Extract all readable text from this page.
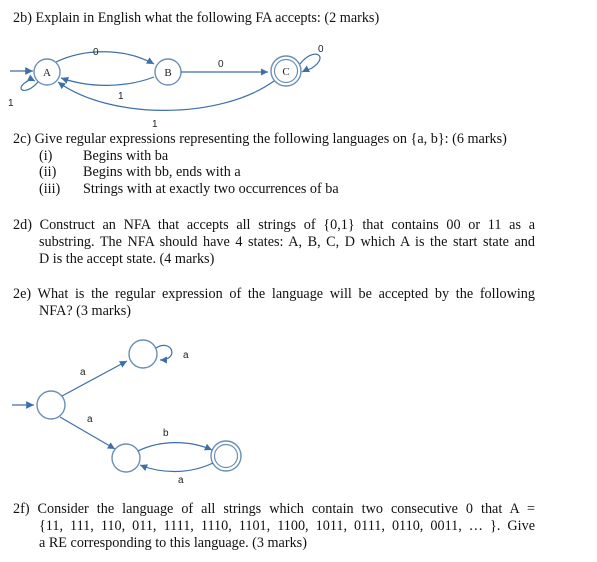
2b) Explain in English what the following FA accepts: (2 marks)
A
1
0
1
B
0
C
0
1
2c) Give regular expressions representing the following languages on {a, b}: (6 marks)
(i) Begins with ba
(ii) Begins with bb, ends with a
(iii) Strings with at exactly two occurrences of ba
2d) Construct an NFA that accepts all strings of {0,1} that contains 00 or 11 as a
substring. The NFA should have 4 states: A, B, C, D which A is the start state and
D is the accept state. (4 marks)
2e) What is the regular expression of the language will be accepted by the following
NFA? (3 marks)
a
a
a
b
a
2f) Consider the language of all strings which contain two consecutive 0 that A =
{11, 111, 110, 011, 1111, 1110, 1101, 1100, 1011, 0111, 0110, 0011, … }. Give
a RE corresponding to this language. (3 marks)
